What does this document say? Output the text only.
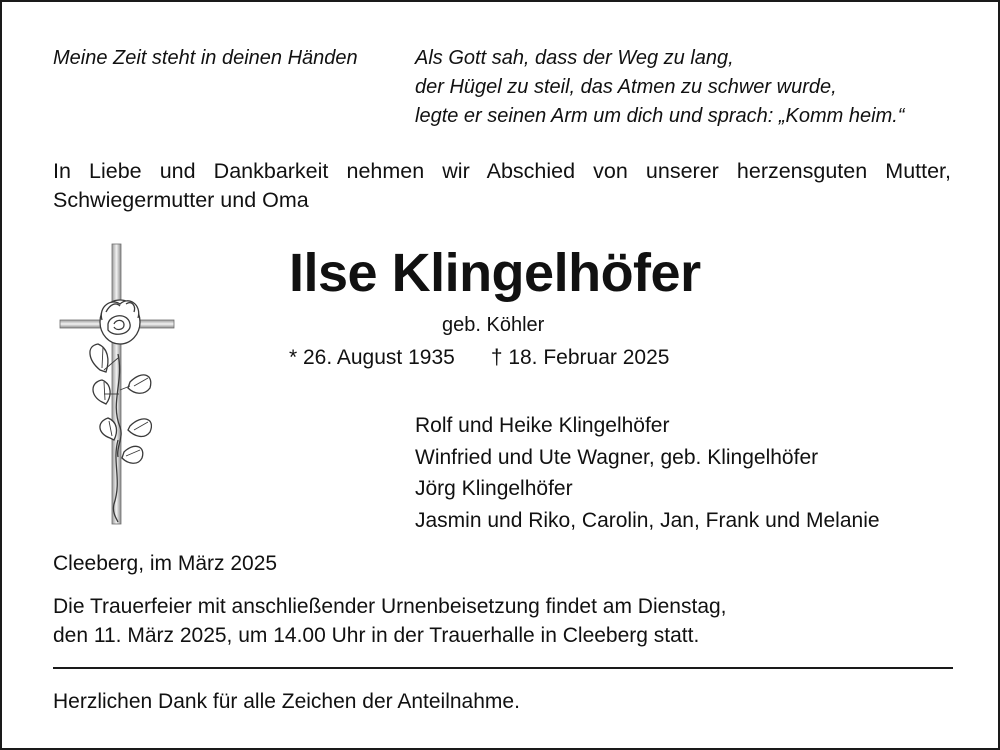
Meine Zeit steht in deinen Händen	Als Gott sah, dass der Weg zu lang,
der Hügel zu steil, das Atmen zu schwer wurde,
legte er seinen Arm um dich und sprach: „Komm heim.“

In Liebe und Dankbarkeit nehmen wir Abschied von unserer herzensguten Mutter, Schwiegermutter und Oma

Ilse Klingelhöfer

geb. Köhler

* 26. August 1935 † 18. Februar 2025

Rolf und Heike Klingelhöfer
Winfried und Ute Wagner, geb. Klingelhöfer
Jörg Klingelhöfer
Jasmin und Riko, Carolin, Jan, Frank und Melanie

Cleeberg, im März 2025

Die Trauerfeier mit anschließender Urnenbeisetzung findet am Dienstag,
den 11. März 2025, um 14.00 Uhr in der Trauerhalle in Cleeberg statt.

Herzlichen Dank für alle Zeichen der Anteilnahme.
